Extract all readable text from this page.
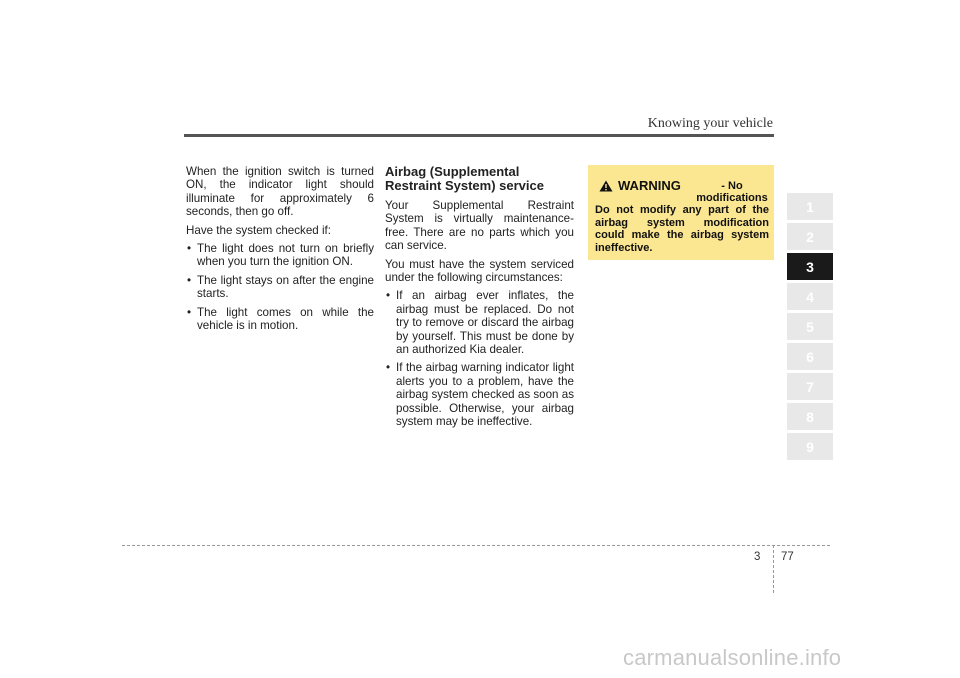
Knowing your vehicle

When the ignition switch is turned ON, the indicator light should illuminate for approximately 6 seconds, then go off.

Have the system checked if:

• The light does not turn on briefly when you turn the ignition ON.
• The light stays on after the engine starts.
• The light comes on while the vehicle is in motion.
Airbag (Supplemental Restraint System) service

Your Supplemental Restraint System is virtually maintenance-free. There are no parts which you can service.

You must have the system serviced under the following circumstances:

• If an airbag ever inflates, the airbag must be replaced. Do not try to remove or discard the airbag by yourself. This must be done by an authorized Kia dealer.
• If the airbag warning indicator light alerts you to a problem, have the airbag system checked as soon as possible. Otherwise, your airbag system may be ineffective.
WARNING	- No modifications

Do not modify any part of the airbag system modification could make the airbag system ineffective.

1
2
3
4
5
6
7
8
9
3 77
carmanualsonline.info
